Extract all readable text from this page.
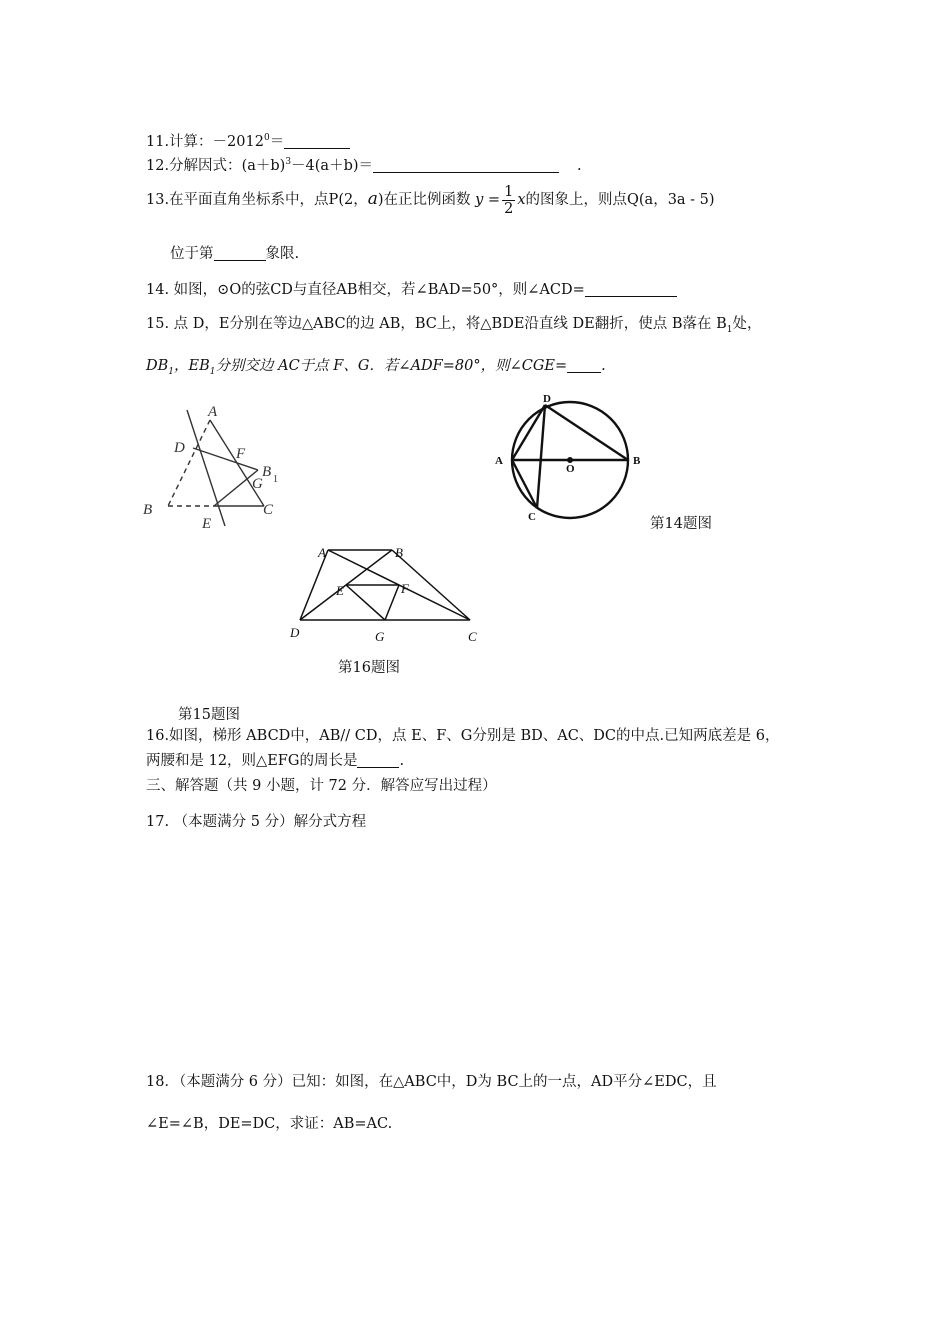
11.计算：$-2012^0=$
12.分解因式：$(a+b)^3-4(a+b)=$	.
13.在平面直角坐标系中，点P(2，a)在正比例函数 $y = \frac{1}{2}$ x的图象上，则点Q(a，3a - 5)
位于第	象限.
14. 如图，⊙O的弦CD与直径AB相交，若∠BAD=50°，则∠ACD=
15. 点 D，E分别在等边△ABC的边 AB，BC上，将△BDE沿直线 DE翻折，使点 B落在 $B_1$处，
$DB_1$，$EB_1$分别交边 AC于点 F、G．若∠ADF=80°，则∠CGE= .
A
D	F
B 1
G
B
E
C
D
A
O
B
C	第14题图
A	B
E	F
D	G	C
第16题图
第15题图
16.如图，梯形 ABCD中，AB// CD，点 E、F、G分别是 BD、AC、DC的中点.已知两底差是 6，
两腰和是 12，则△EFG的周长是	.
三、解答题（共 9 小题，计 72 分．解答应写出过程）
17. （本题满分 5 分）解分式方程
18．（本题满分 6 分）已知：如图，在△ABC中，D为 BC上的一点，AD平分∠EDC，且
∠E=∠B，DE=DC，求证：AB=AC.
